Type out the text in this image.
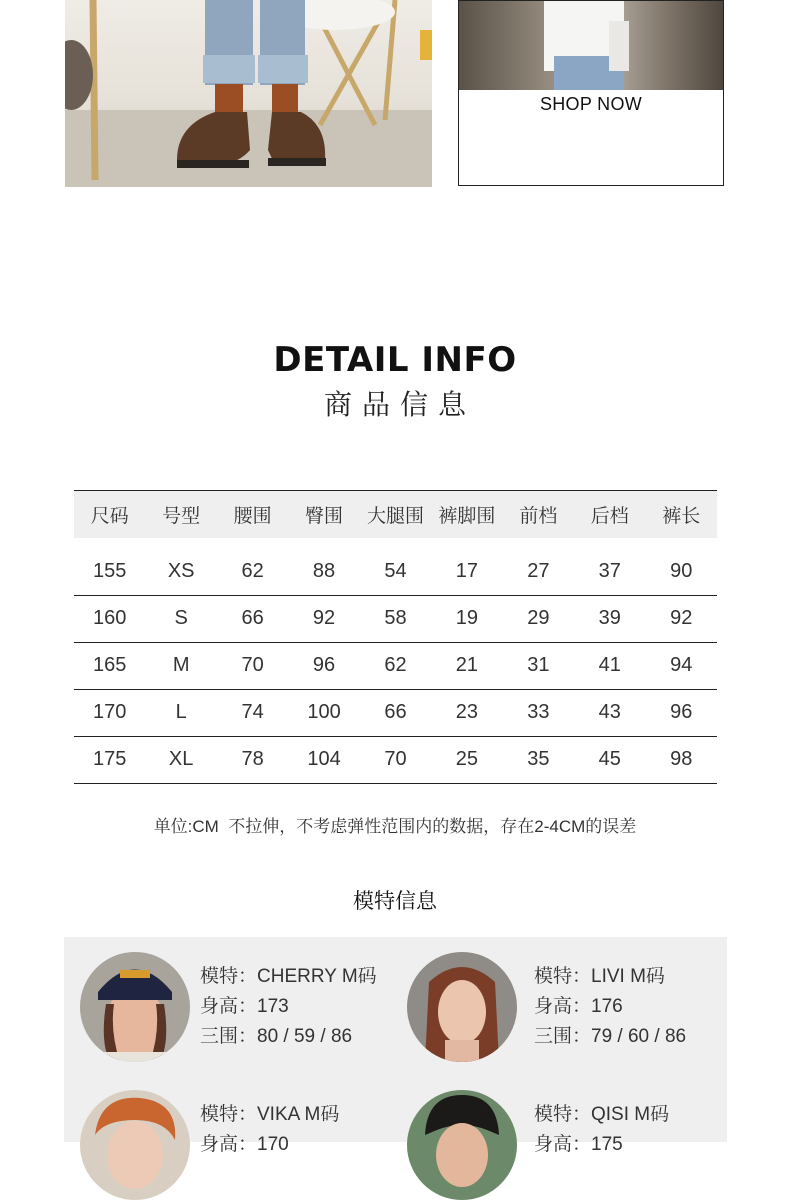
SHOP NOW
DETAIL INFO
商品信息
尺码	号型	腰围	臀围	大腿围	裤脚围	前档	后档	裤长
155	XS	62	88	54	17	27	37	90
160	S	66	92	58	19	29	39	92
165	M	70	96	62	21	31	41	94
170	L	74	100	66	23	33	43	96
175	XL	78	104	70	25	35	45	98
单位:CM  不拉伸，不考虑弹性范围内的数据，存在2-4CM的误差
模特信息
模特：CHERRY M码
身高：173
三围：80 / 59 / 86
模特：LIVI M码
身高：176
三围：79 / 60 / 86
模特：VIKA M码
身高：170
模特：QISI M码
身高：175
